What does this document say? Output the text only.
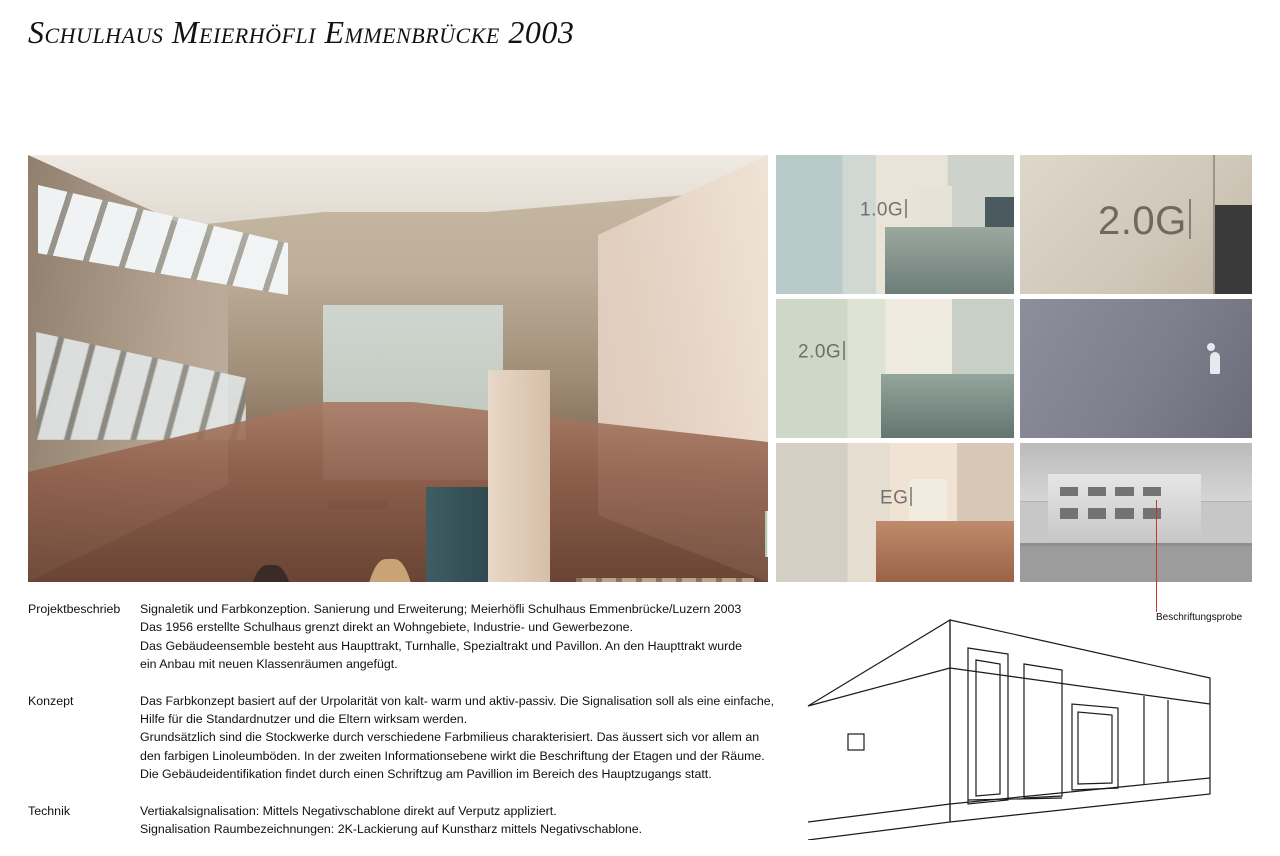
Schulhaus Meierhöfli Emmenbrücke 2003
1.0G	2.0G
2.0G
EG
Beschriftungsprobe
Projektbeschrieb	Signaletik und Farbkonzeption. Sanierung und Erweiterung; Meierhöfli Schulhaus Emmenbrücke/Luzern 2003

Das 1956 erstellte Schulhaus grenzt direkt an Wohngebiete, Industrie- und Gewerbezone.

Das Gebäudeensemble besteht aus Haupttrakt, Turnhalle, Spezialtrakt und Pavillon. An den Haupttrakt wurde

ein Anbau mit neuen Klassenräumen angefügt.

Konzept	Das Farbkonzept basiert auf der Urpolarität von kalt- warm und aktiv-passiv. Die Signalisation soll als eine einfache,

Hilfe für die Standardnutzer und die Eltern wirksam werden.

Grundsätzlich sind die Stockwerke durch verschiedene Farbmilieus charakterisiert. Das äussert sich vor allem an

den farbigen Linoleumböden. In der zweiten Informationsebene wirkt die Beschriftung der Etagen und der Räume.

Die Gebäudeidentifikation findet durch einen Schriftzug am Pavillion im Bereich des Hauptzugangs statt.

Technik	Vertiakalsignalisation: Mittels Negativschablone direkt auf Verputz appliziert.

Signalisation Raumbezeichnungen: 2K-Lackierung auf Kunstharz mittels Negativschablone.
